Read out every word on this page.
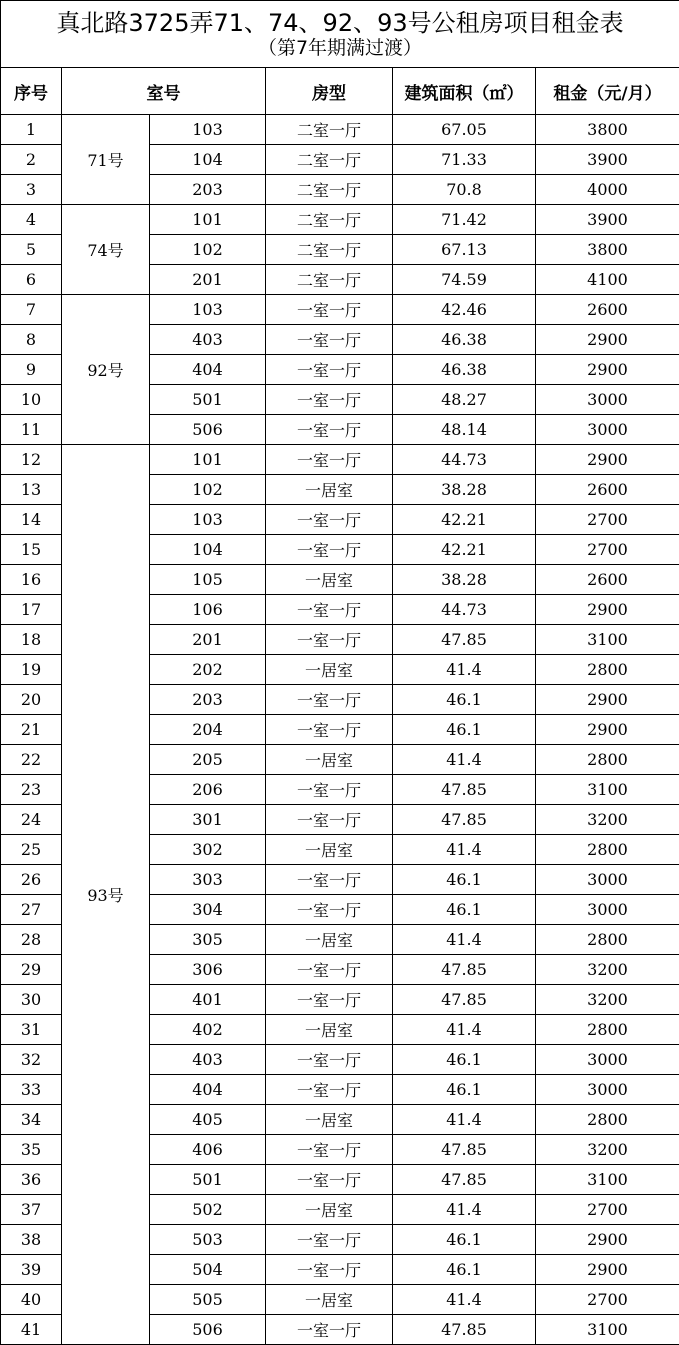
真北路3725弄71、74、92、93号公租房项目租金表
（第7年期满过渡）					

序号	室号		房型	建筑面积（㎡）	租金（元/月）
1	71号	103	二室一厅	67.05	3800
2		104	二室一厅	71.33	3900
3		203	二室一厅	70.8	4000
4	74号	101	二室一厅	71.42	3900
5		102	二室一厅	67.13	3800
6		201	二室一厅	74.59	4100
7	92号	103	一室一厅	42.46	2600
8		403	一室一厅	46.38	2900
9		404	一室一厅	46.38	2900
10		501	一室一厅	48.27	3000
11		506	一室一厅	48.14	3000
12	93号	101	一室一厅	44.73	2900
13		102	一居室	38.28	2600
14		103	一室一厅	42.21	2700
15		104	一室一厅	42.21	2700
16		105	一居室	38.28	2600
17		106	一室一厅	44.73	2900
18		201	一室一厅	47.85	3100
19		202	一居室	41.4	2800
20		203	一室一厅	46.1	2900
21		204	一室一厅	46.1	2900
22		205	一居室	41.4	2800
23		206	一室一厅	47.85	3100
24		301	一室一厅	47.85	3200
25		302	一居室	41.4	2800
26		303	一室一厅	46.1	3000
27		304	一室一厅	46.1	3000
28		305	一居室	41.4	2800
29		306	一室一厅	47.85	3200
30		401	一室一厅	47.85	3200
31		402	一居室	41.4	2800
32		403	一室一厅	46.1	3000
33		404	一室一厅	46.1	3000
34		405	一居室	41.4	2800
35		406	一室一厅	47.85	3200
36		501	一室一厅	47.85	3100
37		502	一居室	41.4	2700
38		503	一室一厅	46.1	2900
39		504	一室一厅	46.1	2900
40		505	一居室	41.4	2700
41		506	一室一厅	47.85	3100
